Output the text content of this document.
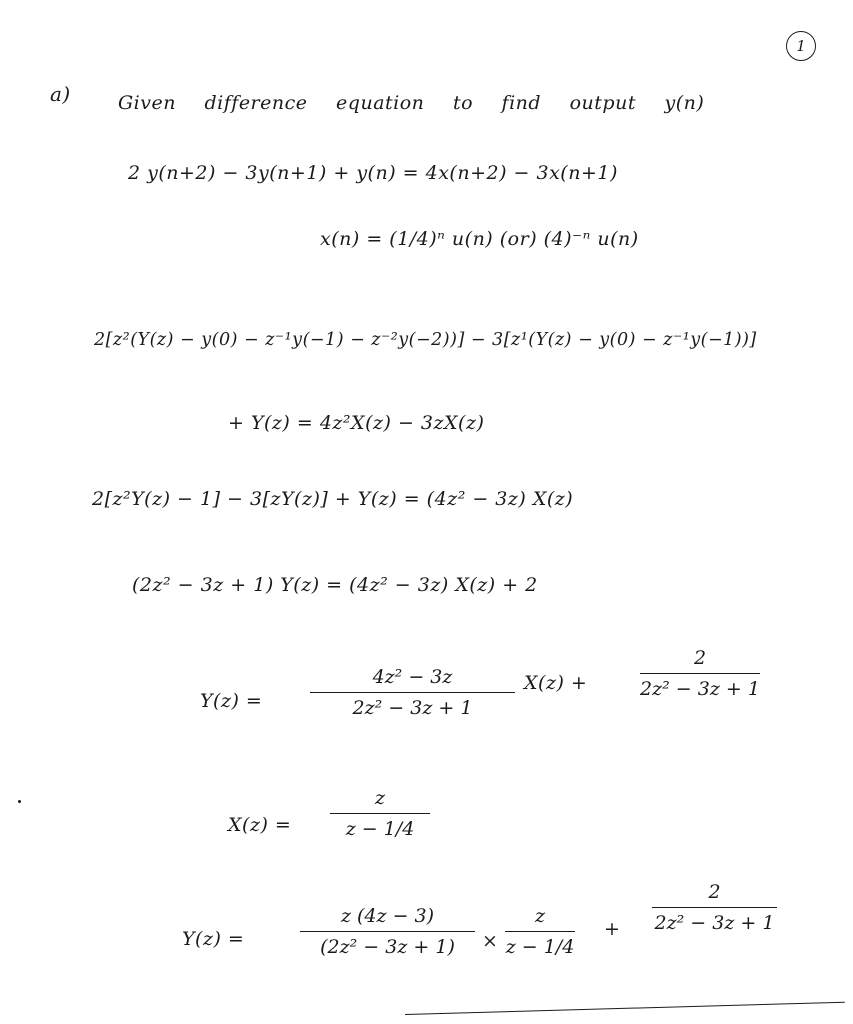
1
a) Given difference equation to find output y(n)
2 y(n+2) − 3y(n+1) + y(n) = 4x(n+2) − 3x(n+1)
x(n) = (1/4)ⁿ u(n) (or) (4)⁻ⁿ u(n)
2[z²(Y(z) − y(0) − z⁻¹y(−1) − z⁻²y(−2))] − 3[z¹(Y(z) − y(0) − z⁻¹y(−1))]
+ Y(z) = 4z²X(z) − 3zX(z)
2[z²Y(z) − 1] − 3[zY(z)] + Y(z) = (4z² − 3z) X(z)
(2z² − 3z + 1) Y(z) = (4z² − 3z) X(z) + 2
Y(z) =
4z² − 3z
2z² − 3z + 1
X(z) +
2
2z² − 3z + 1
X(z) =
z
z − 1/4
Y(z) =
z (4z − 3)
(2z² − 3z + 1) ×
z
z − 1/4
+
2
2z² − 3z + 1
